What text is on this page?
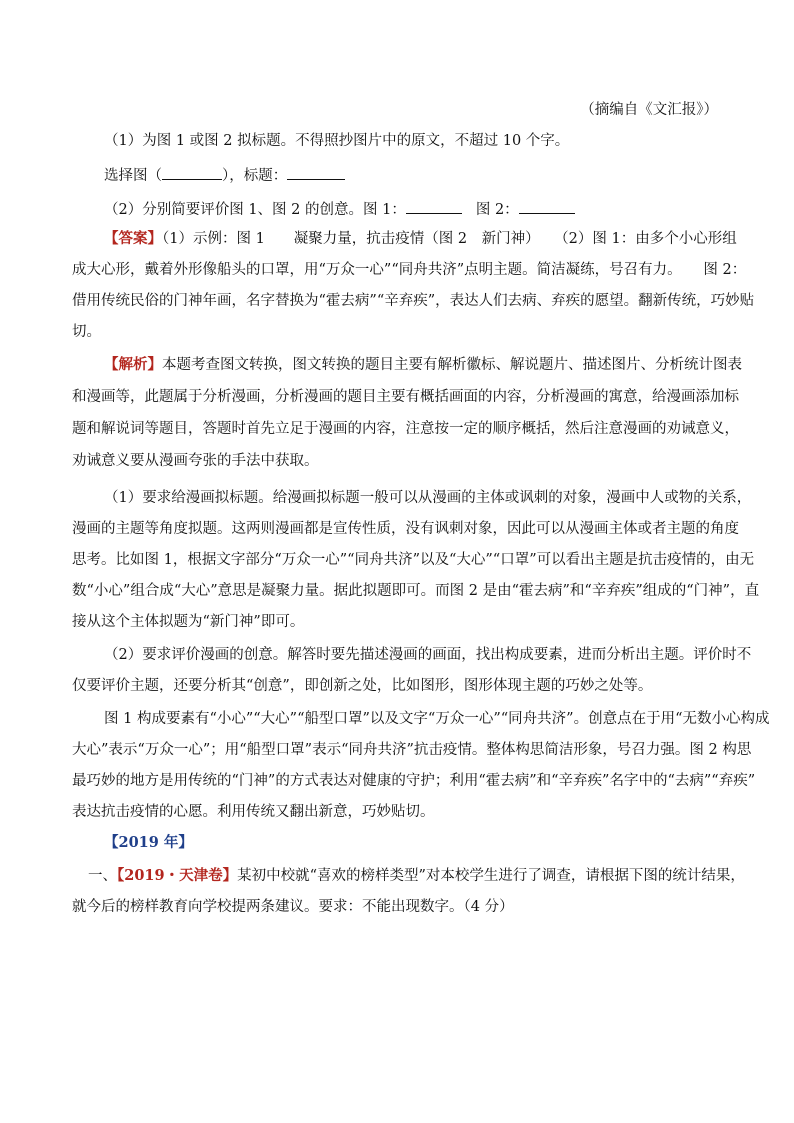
（摘编自《文汇报》）
（1）为图 1 或图 2 拟标题。不得照抄图片中的原文，不超过 10 个字。
选择图（	），标题：
（2）分别简要评价图 1、图 2 的创意。图 1：	图 2：
【答案】（1）示例：图 1　　凝聚力量，抗击疫情（图 2　新门神）　　（2）图 1：由多个小心形组
成大心形，戴着外形像船头的口罩，用“万众一心”“同舟共济”点明主题。简洁凝练，号召有力。　　图 2：
借用传统民俗的门神年画，名字替换为“霍去病”“辛弃疾”，表达人们去病、弃疾的愿望。翻新传统，巧妙贴
切。
【解析】本题考查图文转换，图文转换的题目主要有解析徽标、解说题片、描述图片、分析统计图表
和漫画等，此题属于分析漫画，分析漫画的题目主要有概括画面的内容，分析漫画的寓意，给漫画添加标
题和解说词等题目，答题时首先立足于漫画的内容，注意按一定的顺序概括，然后注意漫画的劝诫意义，
劝诫意义要从漫画夸张的手法中获取。
（1）要求给漫画拟标题。给漫画拟标题一般可以从漫画的主体或讽刺的对象，漫画中人或物的关系，
漫画的主题等角度拟题。这两则漫画都是宣传性质，没有讽刺对象，因此可以从漫画主体或者主题的角度
思考。比如图 1，根据文字部分“万众一心”“同舟共济”以及“大心”“口罩”可以看出主题是抗击疫情的，由无
数“小心”组合成“大心”意思是凝聚力量。据此拟题即可。而图 2 是由“霍去病”和“辛弃疾”组成的“门神”，直
接从这个主体拟题为“新门神”即可。
（2）要求评价漫画的创意。解答时要先描述漫画的画面，找出构成要素，进而分析出主题。评价时不
仅要评价主题，还要分析其“创意”，即创新之处，比如图形，图形体现主题的巧妙之处等。
图 1 构成要素有“小心”“大心”“船型口罩”以及文字“万众一心”“同舟共济”。创意点在于用“无数小心构成
大心”表示“万众一心”；用“船型口罩”表示“同舟共济”抗击疫情。整体构思简洁形象，号召力强。图 2 构思
最巧妙的地方是用传统的“门神”的方式表达对健康的守护；利用“霍去病”和“辛弃疾”名字中的“去病”“弃疾”
表达抗击疫情的心愿。利用传统又翻出新意，巧妙贴切。
【2019 年】
一、【2019・天津卷】某初中校就“喜欢的榜样类型”对本校学生进行了调查，请根据下图的统计结果，
就今后的榜样教育向学校提两条建议。要求：不能出现数字。（4 分）
